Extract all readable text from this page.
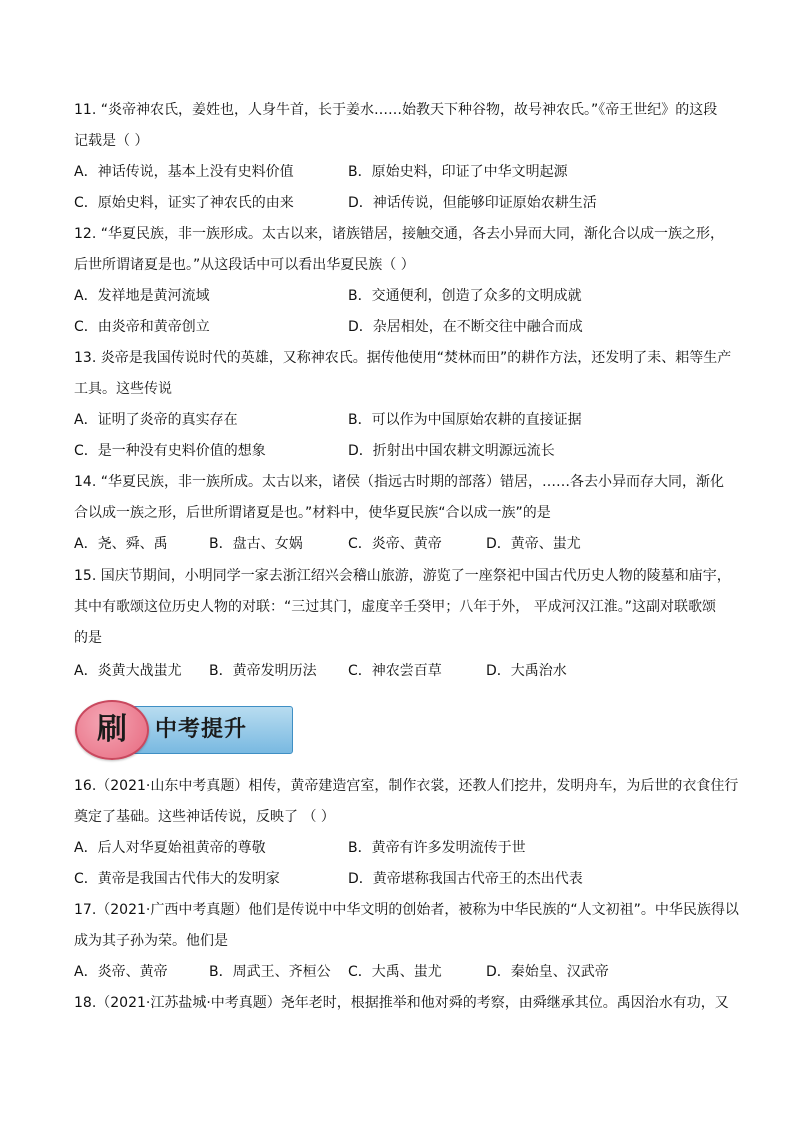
11. “炎帝神农氏，姜姓也，人身牛首，长于姜水……始教天下种谷物，故号神农氏。”《帝王世纪》的这段

记载是（ ）

A．神话传说，基本上没有史料价值	B．原始史料，印证了中华文明起源
C．原始史料，证实了神农氏的由来	D．神话传说，但能够印证原始农耕生活

12. “华夏民族，非一族形成。太古以来，诸族错居，接触交通，各去小异而大同，渐化合以成一族之形，

后世所谓诸夏是也。”从这段话中可以看出华夏民族（ ）

A．发祥地是黄河流域	B．交通便利，创造了众多的文明成就
C．由炎帝和黄帝创立	D．杂居相处，在不断交往中融合而成

13. 炎帝是我国传说时代的英雄，又称神农氏。据传他使用“焚林而田”的耕作方法，还发明了耒、耜等生产

工具。这些传说

A．证明了炎帝的真实存在	B．可以作为中国原始农耕的直接证据
C．是一种没有史料价值的想象	D．折射出中国农耕文明源远流长

14. “华夏民族，非一族所成。太古以来，诸侯（指远古时期的部落）错居，……各去小异而存大同，渐化

合以成一族之形，后世所谓诸夏是也。”材料中，使华夏民族“合以成一族”的是

A．尧、舜、禹	B．盘古、女娲	C．炎帝、黄帝	D．黄帝、蚩尤

15. 国庆节期间，小明同学一家去浙江绍兴会稽山旅游，游览了一座祭祀中国古代历史人物的陵墓和庙宇，

其中有歌颂这位历史人物的对联：“三过其门，虚度辛壬癸甲；八年于外， 平成河汉江淮。”这副对联歌颂

的是

A．炎黄大战蚩尤 B．黄帝发明历法 C．神农尝百草	D．大禹治水
刷	中考提升

16.（2021·山东中考真题）相传，黄帝建造宫室，制作衣裳，还教人们挖井，发明舟车，为后世的衣食住行

奠定了基础。这些神话传说，反映了 （ ）

A．后人对华夏始祖黄帝的尊敬	B．黄帝有许多发明流传于世
C．黄帝是我国古代伟大的发明家	D．黄帝堪称我国古代帝王的杰出代表

17.（2021·广西中考真题）他们是传说中中华文明的创始者，被称为中华民族的“人文初祖”。中华民族得以

成为其子孙为荣。他们是

A．炎帝、黄帝	B．周武王、齐桓公 C．大禹、蚩尤	D．秦始皇、汉武帝

18.（2021·江苏盐城·中考真题）尧年老时，根据推举和他对舜的考察，由舜继承其位。禹因治水有功，又
